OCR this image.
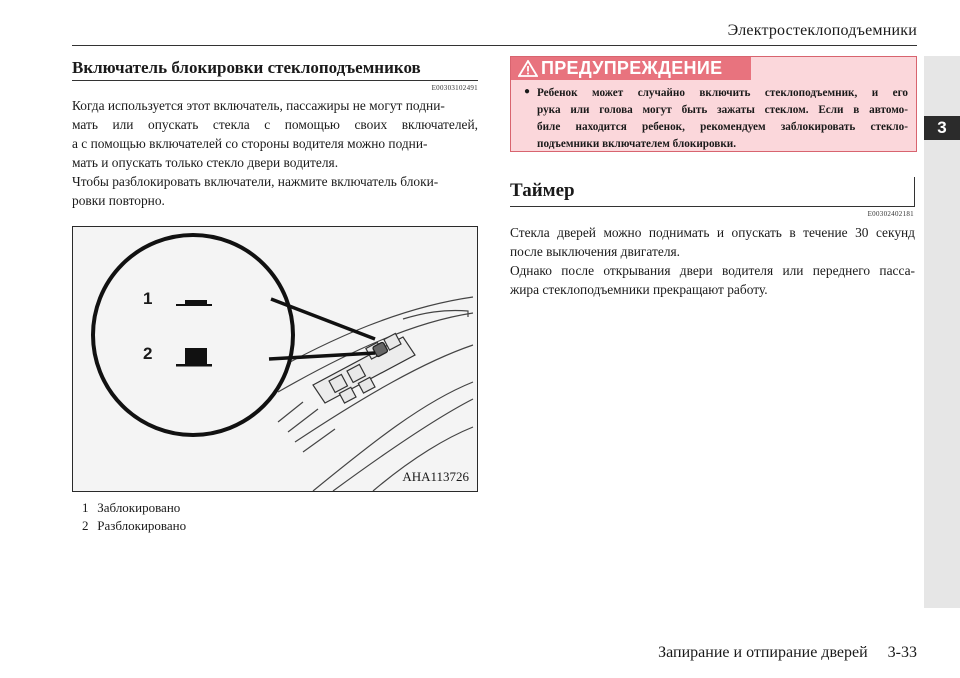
Электростеклоподъемники
3
Включатель блокировки стеклоподъемников
E00303102491
Когда используется этот включатель, пассажиры не могут подни-
мать или опускать стекла с помощью своих включателей,
а с помощью включателей со стороны водителя можно подни-
мать и опускать только стекло двери водителя.
Чтобы разблокировать включатели, нажмите включатель блоки-
ровки повторно.
1
2
AHA113726
1 Заблокировано
2 Разблокировано
ПРЕДУПРЕЖДЕНИЕ
● Ребенок может случайно включить стеклоподъемник, и его
рука или голова могут быть зажаты стеклом. Если в автомо-
биле находится ребенок, рекомендуем заблокировать стекло-
подъемники включателем блокировки.
Таймер
E00302402181
Стекла дверей можно поднимать и опускать в течение 30 секунд
после выключения двигателя.
Однако после открывания двери водителя или переднего пасса-
жира стеклоподъемники прекращают работу.
Запирание и отпирание дверей     3-33
